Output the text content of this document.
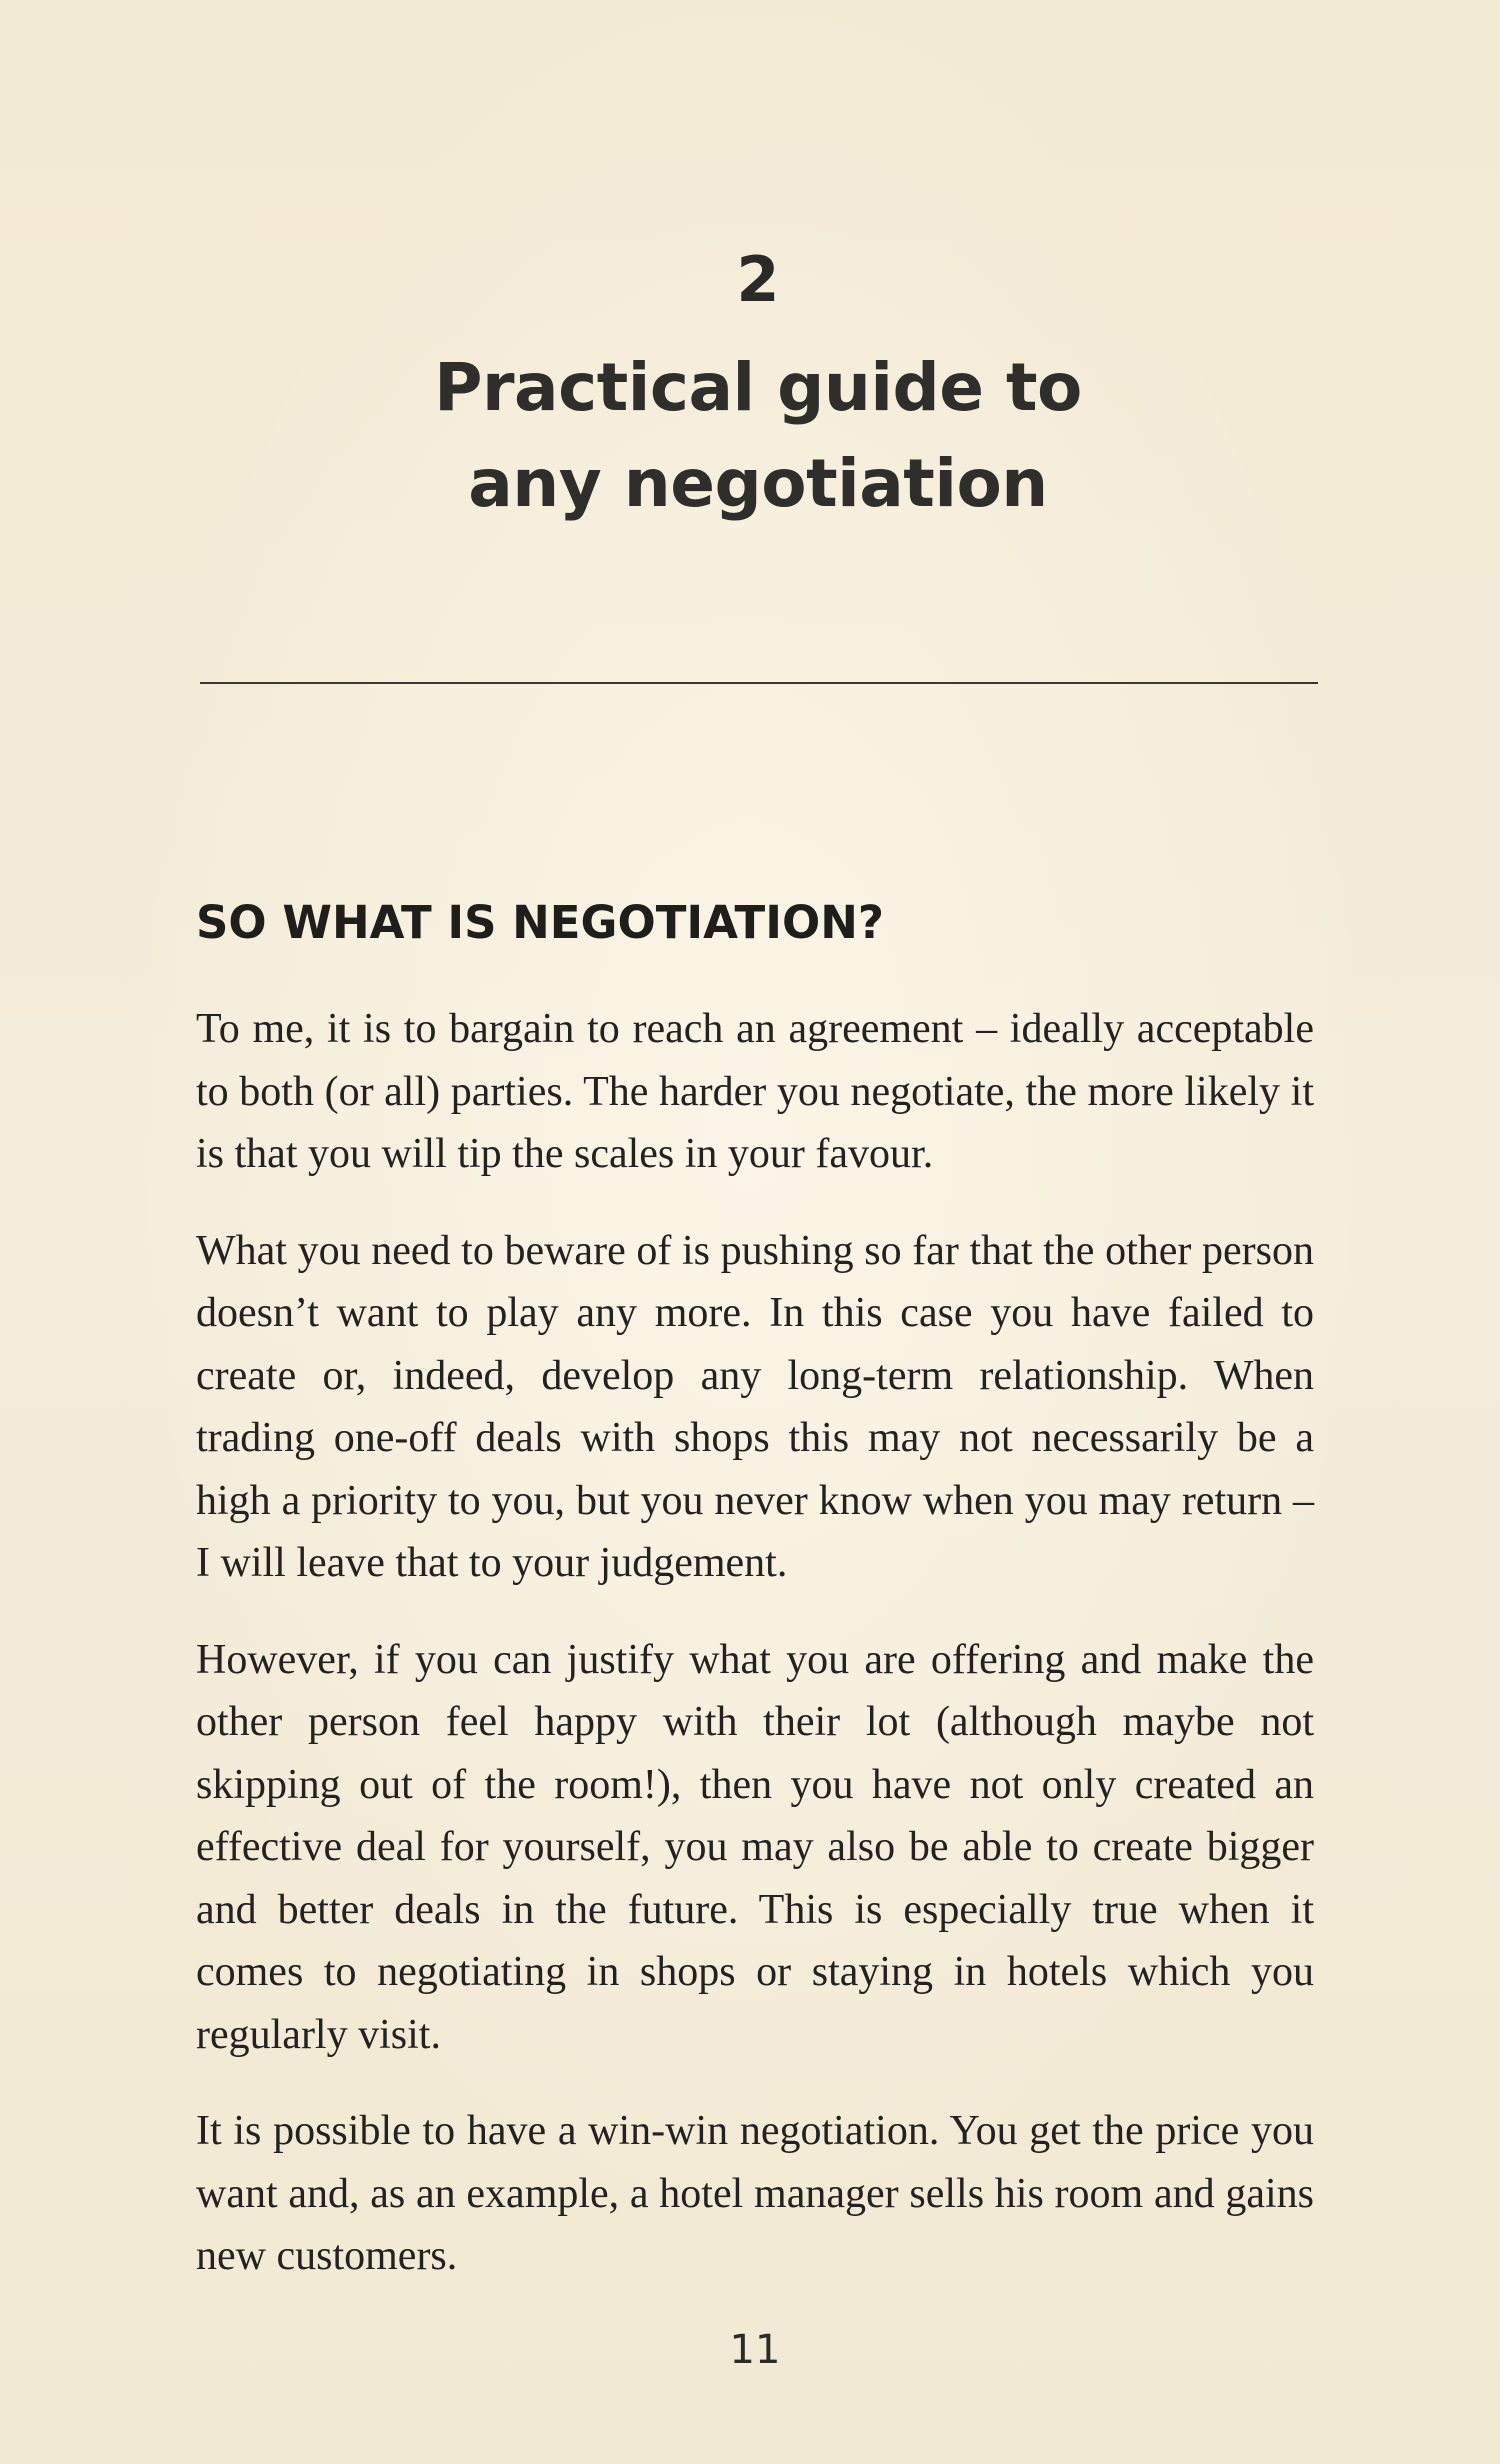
2
Practical guide to
any negotiation
SO WHAT IS NEGOTIATION?

To me, it is to bargain to reach an agreement – ideally acceptable to both (or all) parties. The harder you negotiate, the more likely it is that you will tip the scales in your favour.

What you need to beware of is pushing so far that the other person doesn’t want to play any more. In this case you have failed to create or, indeed, develop any long-term relationship. When trading one-off deals with shops this may not necessarily be a high a priority to you, but you never know when you may return – I will leave that to your judgement.

However, if you can justify what you are offering and make the other person feel happy with their lot (although maybe not skipping out of the room!), then you have not only created an effective deal for yourself, you may also be able to create bigger and better deals in the future. This is especially true when it comes to negotiating in shops or staying in hotels which you regularly visit.

It is possible to have a win-win negotiation. You get the price you want and, as an example, a hotel manager sells his room and gains new customers.

11
